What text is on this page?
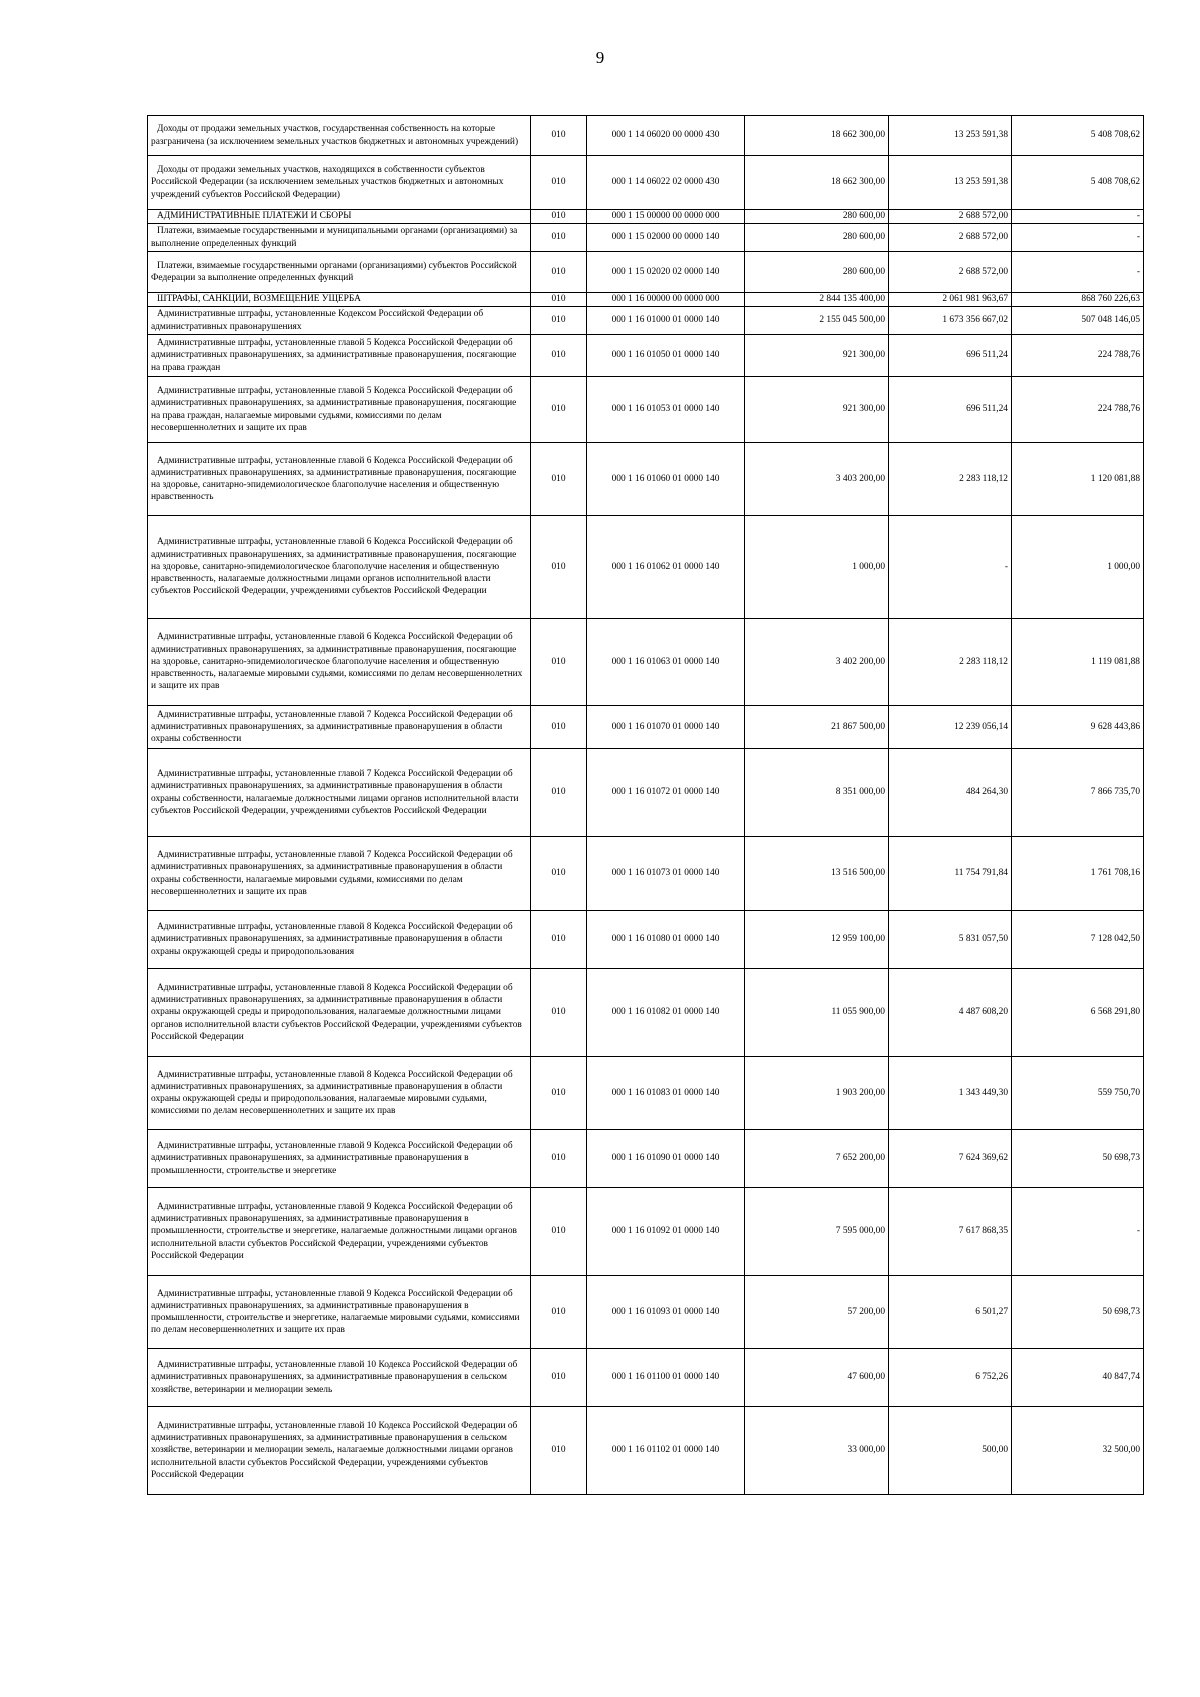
9
Доходы от продажи земельных участков, государственная собственность на которые разграничена (за исключением земельных участков бюджетных и автономных учреждений)	010	000 1 14 06020 00 0000 430	18 662 300,00	13 253 591,38	5 408 708,62
Доходы от продажи земельных участков, находящихся в собственности субъектов Российской Федерации (за исключением земельных участков бюджетных и автономных учреждений субъектов Российской Федерации)	010	000 1 14 06022 02 0000 430	18 662 300,00	13 253 591,38	5 408 708,62
АДМИНИСТРАТИВНЫЕ ПЛАТЕЖИ И СБОРЫ	010	000 1 15 00000 00 0000 000	280 600,00	2 688 572,00	-
Платежи, взимаемые государственными и муниципальными органами (организациями) за выполнение определенных функций	010	000 1 15 02000 00 0000 140	280 600,00	2 688 572,00	-
Платежи, взимаемые государственными органами (организациями) субъектов Российской Федерации за выполнение определенных функций	010	000 1 15 02020 02 0000 140	280 600,00	2 688 572,00	-
ШТРАФЫ, САНКЦИИ, ВОЗМЕЩЕНИЕ УЩЕРБА	010	000 1 16 00000 00 0000 000	2 844 135 400,00	2 061 981 963,67	868 760 226,63
Административные штрафы, установленные Кодексом Российской Федерации об административных правонарушениях	010	000 1 16 01000 01 0000 140	2 155 045 500,00	1 673 356 667,02	507 048 146,05
Административные штрафы, установленные главой 5 Кодекса Российской Федерации об административных правонарушениях, за административные правонарушения, посягающие на права граждан	010	000 1 16 01050 01 0000 140	921 300,00	696 511,24	224 788,76
Административные штрафы, установленные главой 5 Кодекса Российской Федерации об административных правонарушениях, за административные правонарушения, посягающие на права граждан, налагаемые мировыми судьями, комиссиями по делам несовершеннолетних и защите их прав	010	000 1 16 01053 01 0000 140	921 300,00	696 511,24	224 788,76
Административные штрафы, установленные главой 6 Кодекса Российской Федерации об административных правонарушениях, за административные правонарушения, посягающие на здоровье, санитарно-эпидемиологическое благополучие населения и общественную нравственность	010	000 1 16 01060 01 0000 140	3 403 200,00	2 283 118,12	1 120 081,88
Административные штрафы, установленные главой 6 Кодекса Российской Федерации об административных правонарушениях, за административные правонарушения, посягающие на здоровье, санитарно-эпидемиологическое благополучие населения и общественную нравственность, налагаемые должностными лицами органов исполнительной власти субъектов Российской Федерации, учреждениями субъектов Российской Федерации	010	000 1 16 01062 01 0000 140	1 000,00	-	1 000,00
Административные штрафы, установленные главой 6 Кодекса Российской Федерации об административных правонарушениях, за административные правонарушения, посягающие на здоровье, санитарно-эпидемиологическое благополучие населения и общественную нравственность, налагаемые мировыми судьями, комиссиями по делам несовершеннолетних и защите их прав	010	000 1 16 01063 01 0000 140	3 402 200,00	2 283 118,12	1 119 081,88
Административные штрафы, установленные главой 7 Кодекса Российской Федерации об административных правонарушениях, за административные правонарушения в области охраны собственности	010	000 1 16 01070 01 0000 140	21 867 500,00	12 239 056,14	9 628 443,86
Административные штрафы, установленные главой 7 Кодекса Российской Федерации об административных правонарушениях, за административные правонарушения в области охраны собственности, налагаемые должностными лицами органов исполнительной власти субъектов Российской Федерации, учреждениями субъектов Российской Федерации	010	000 1 16 01072 01 0000 140	8 351 000,00	484 264,30	7 866 735,70
Административные штрафы, установленные главой 7 Кодекса Российской Федерации об административных правонарушениях, за административные правонарушения в области охраны собственности, налагаемые мировыми судьями, комиссиями по делам несовершеннолетних и защите их прав	010	000 1 16 01073 01 0000 140	13 516 500,00	11 754 791,84	1 761 708,16
Административные штрафы, установленные главой 8 Кодекса Российской Федерации об административных правонарушениях, за административные правонарушения в области охраны окружающей среды и природопользования	010	000 1 16 01080 01 0000 140	12 959 100,00	5 831 057,50	7 128 042,50
Административные штрафы, установленные главой 8 Кодекса Российской Федерации об административных правонарушениях, за административные правонарушения в области охраны окружающей среды и природопользования, налагаемые должностными лицами органов исполнительной власти субъектов Российской Федерации, учреждениями субъектов Российской Федерации	010	000 1 16 01082 01 0000 140	11 055 900,00	4 487 608,20	6 568 291,80
Административные штрафы, установленные главой 8 Кодекса Российской Федерации об административных правонарушениях, за административные правонарушения в области охраны окружающей среды и природопользования, налагаемые мировыми судьями, комиссиями по делам несовершеннолетних и защите их прав	010	000 1 16 01083 01 0000 140	1 903 200,00	1 343 449,30	559 750,70
Административные штрафы, установленные главой 9 Кодекса Российской Федерации об административных правонарушениях, за административные правонарушения в промышленности, строительстве и энергетике	010	000 1 16 01090 01 0000 140	7 652 200,00	7 624 369,62	50 698,73
Административные штрафы, установленные главой 9 Кодекса Российской Федерации об административных правонарушениях, за административные правонарушения в промышленности, строительстве и энергетике, налагаемые должностными лицами органов исполнительной власти субъектов Российской Федерации, учреждениями субъектов Российской Федерации	010	000 1 16 01092 01 0000 140	7 595 000,00	7 617 868,35	-
Административные штрафы, установленные главой 9 Кодекса Российской Федерации об административных правонарушениях, за административные правонарушения в промышленности, строительстве и энергетике, налагаемые мировыми судьями, комиссиями по делам несовершеннолетних и защите их прав	010	000 1 16 01093 01 0000 140	57 200,00	6 501,27	50 698,73
Административные штрафы, установленные главой 10 Кодекса Российской Федерации об административных правонарушениях, за административные правонарушения в сельском хозяйстве, ветеринарии и мелиорации земель	010	000 1 16 01100 01 0000 140	47 600,00	6 752,26	40 847,74
Административные штрафы, установленные главой 10 Кодекса Российской Федерации об административных правонарушениях, за административные правонарушения в сельском хозяйстве, ветеринарии и мелиорации земель, налагаемые должностными лицами органов исполнительной власти субъектов Российской Федерации, учреждениями субъектов Российской Федерации	010	000 1 16 01102 01 0000 140	33 000,00	500,00	32 500,00
